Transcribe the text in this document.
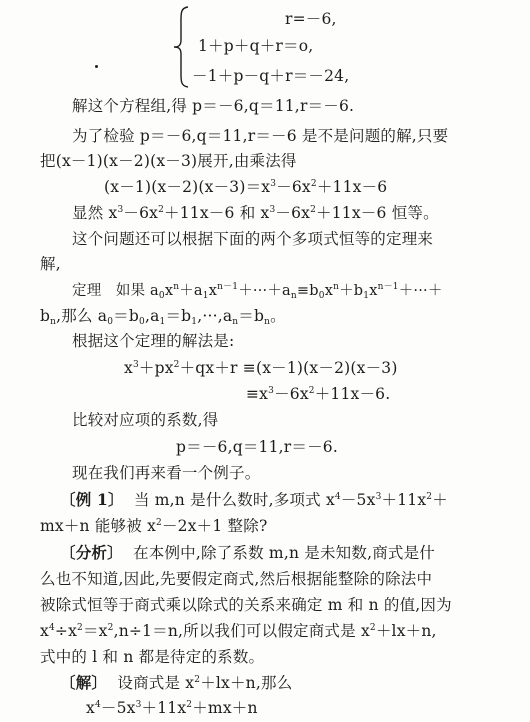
r=－6,
1＋p＋q＋r＝o,
－1＋p－q＋r＝－24,
解这个方程组,得 p＝－6,q＝11,r＝－6.
为了检验 p＝－6,q＝11,r＝－6 是不是问题的解,只要
把(x－1)(x－2)(x－3)展开,由乘法得
$(x-1)(x-2)(x-3)=x^3-6x^2+11x-6$
显然 $x^3-6x^2+11x-6$ 和 $x^3-6x^2+11x-6$ 恒等。
这个问题还可以根据下面的两个多项式恒等的定理来
解,
定理 如果 $a_0x^n+a_1x^{n-1}+\cdot\cdot\cdot+a_n\equiv b_0x^n+b_1x^{n-1}+\cdot\cdot\cdot+$
$b_n$,那么 $a_0=b_0,a_1=b_1,\cdot\cdot\cdot,a_n=b_n$。
根据这个定理的解法是:
$x^3+px^2+qx+r \equiv(x-1)(x-2)(x-3)$
$\equiv x^3-6x^2+11x-6$.
比较对应项的系数,得
p＝－6,q＝11,r＝－6.
现在我们再来看一个例子。
〔例 1〕 当 m,n 是什么数时,多项式 $x^4-5x^3+11x^2+$
mx＋n 能够被 $x^2-2x+1$ 整除?
〔分析〕 在本例中,除了系数 m,n 是未知数,商式是什
么也不知道,因此,先要假定商式,然后根据能整除的除法中
被除式恒等于商式乘以除式的关系来确定 m 和 n 的值,因为
$x^4\div x^2=x^2,n\div 1=n$,所以我们可以假定商式是 $x^2+lx+n$,
式中的 l 和 n 都是待定的系数。
〔解〕 设商式是 $x^2+lx+n$,那么
$x^4-5x^3+11x^2+mx+n$
